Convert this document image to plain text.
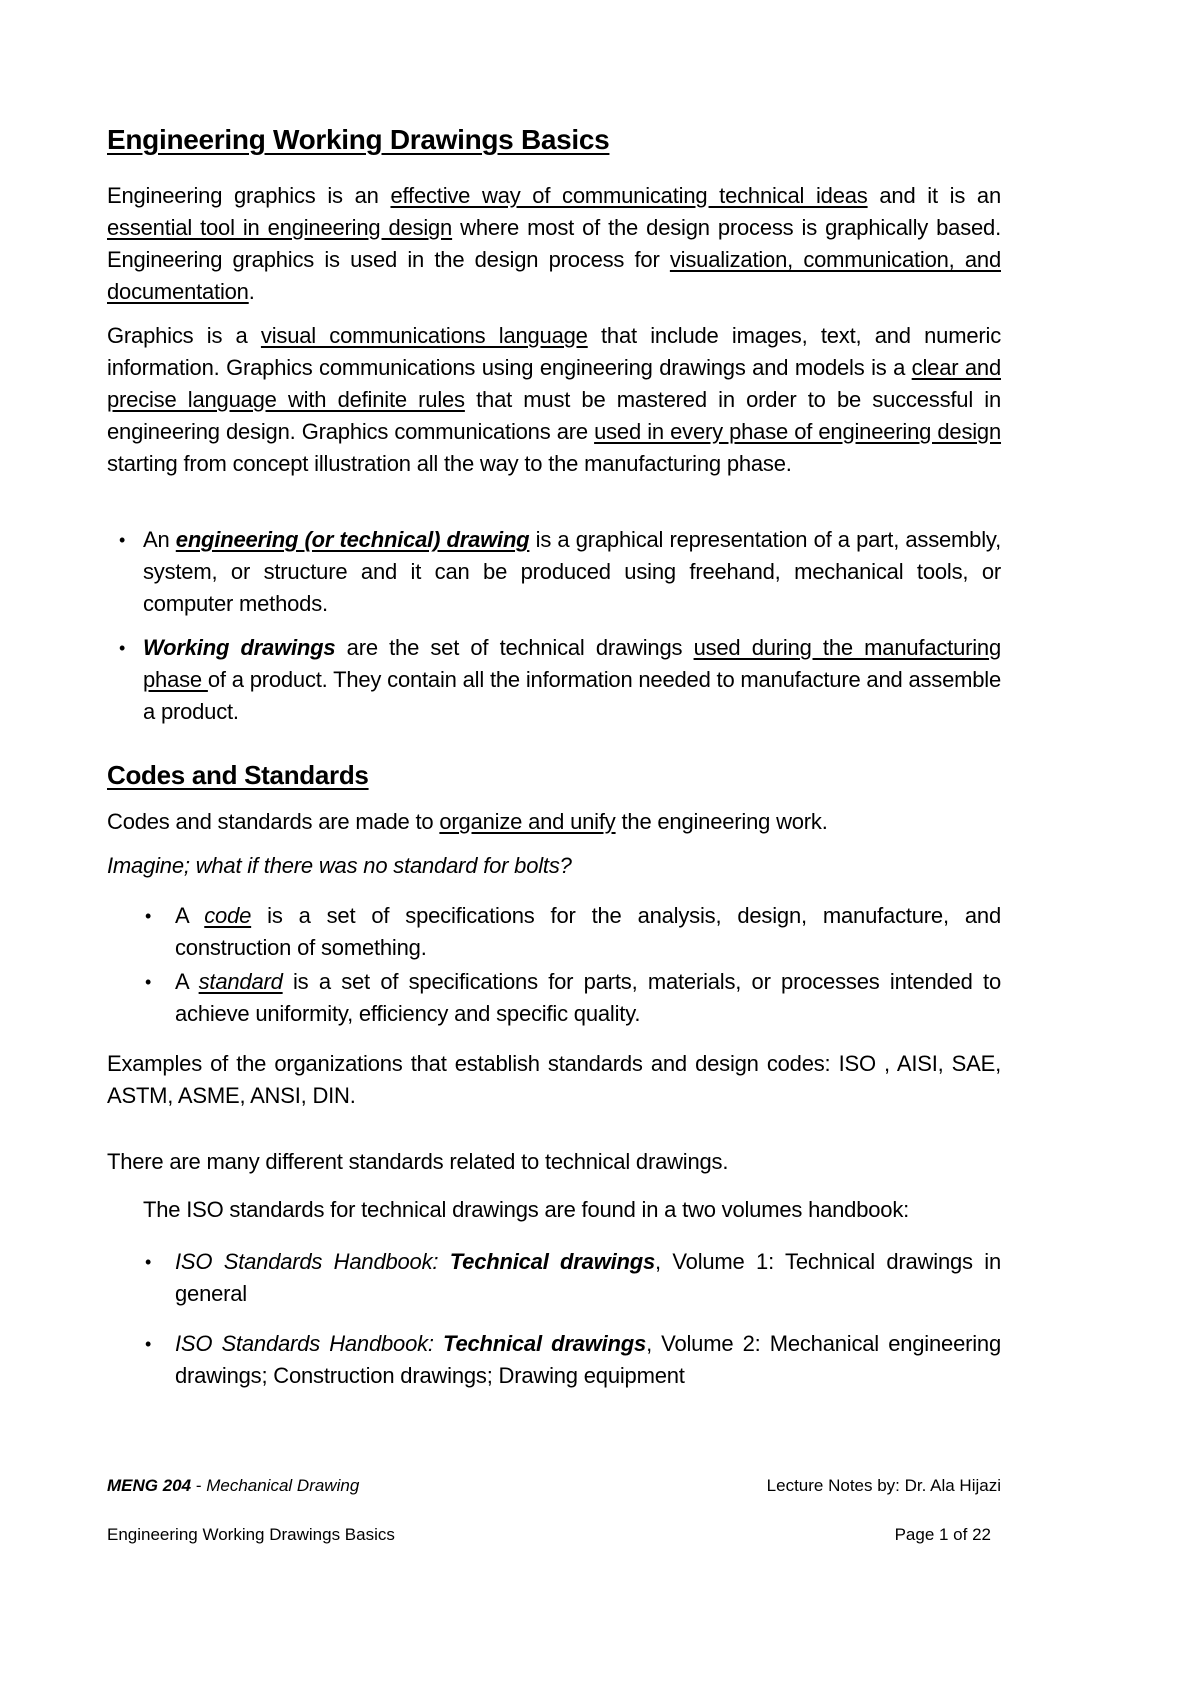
Engineering Working Drawings Basics

Engineering graphics is an effective way of communicating technical ideas and it is an essential tool in engineering design where most of the design process is graphically based. Engineering graphics is used in the design process for visualization, communication, and documentation.

Graphics is a visual communications language that include images, text, and numeric information. Graphics communications using engineering drawings and models is a clear and precise language with definite rules that must be mastered in order to be successful in engineering design. Graphics communications are used in every phase of engineering design starting from concept illustration all the way to the manufacturing phase.

• An engineering (or technical) drawing is a graphical representation of a part, assembly, system, or structure and it can be produced using freehand, mechanical tools, or computer methods.
• Working drawings are the set of technical drawings used during the manufacturing phase of a product. They contain all the information needed to manufacture and assemble a product.
Codes and Standards

Codes and standards are made to organize and unify the engineering work.

Imagine; what if there was no standard for bolts?

• A code is a set of specifications for the analysis, design, manufacture, and construction of something.
• A standard is a set of specifications for parts, materials, or processes intended to achieve uniformity, efficiency and specific quality.

Examples of the organizations that establish standards and design codes: ISO , AISI, SAE, ASTM, ASME, ANSI, DIN.

There are many different standards related to technical drawings.

The ISO standards for technical drawings are found in a two volumes handbook:

• ISO Standards Handbook: Technical drawings, Volume 1: Technical drawings in general
• ISO Standards Handbook: Technical drawings, Volume 2: Mechanical engineering drawings; Construction drawings; Drawing equipment
MENG 204 - Mechanical Drawing	Lecture Notes by: Dr. Ala Hijazi
Engineering Working Drawings Basics	Page 1 of 22
